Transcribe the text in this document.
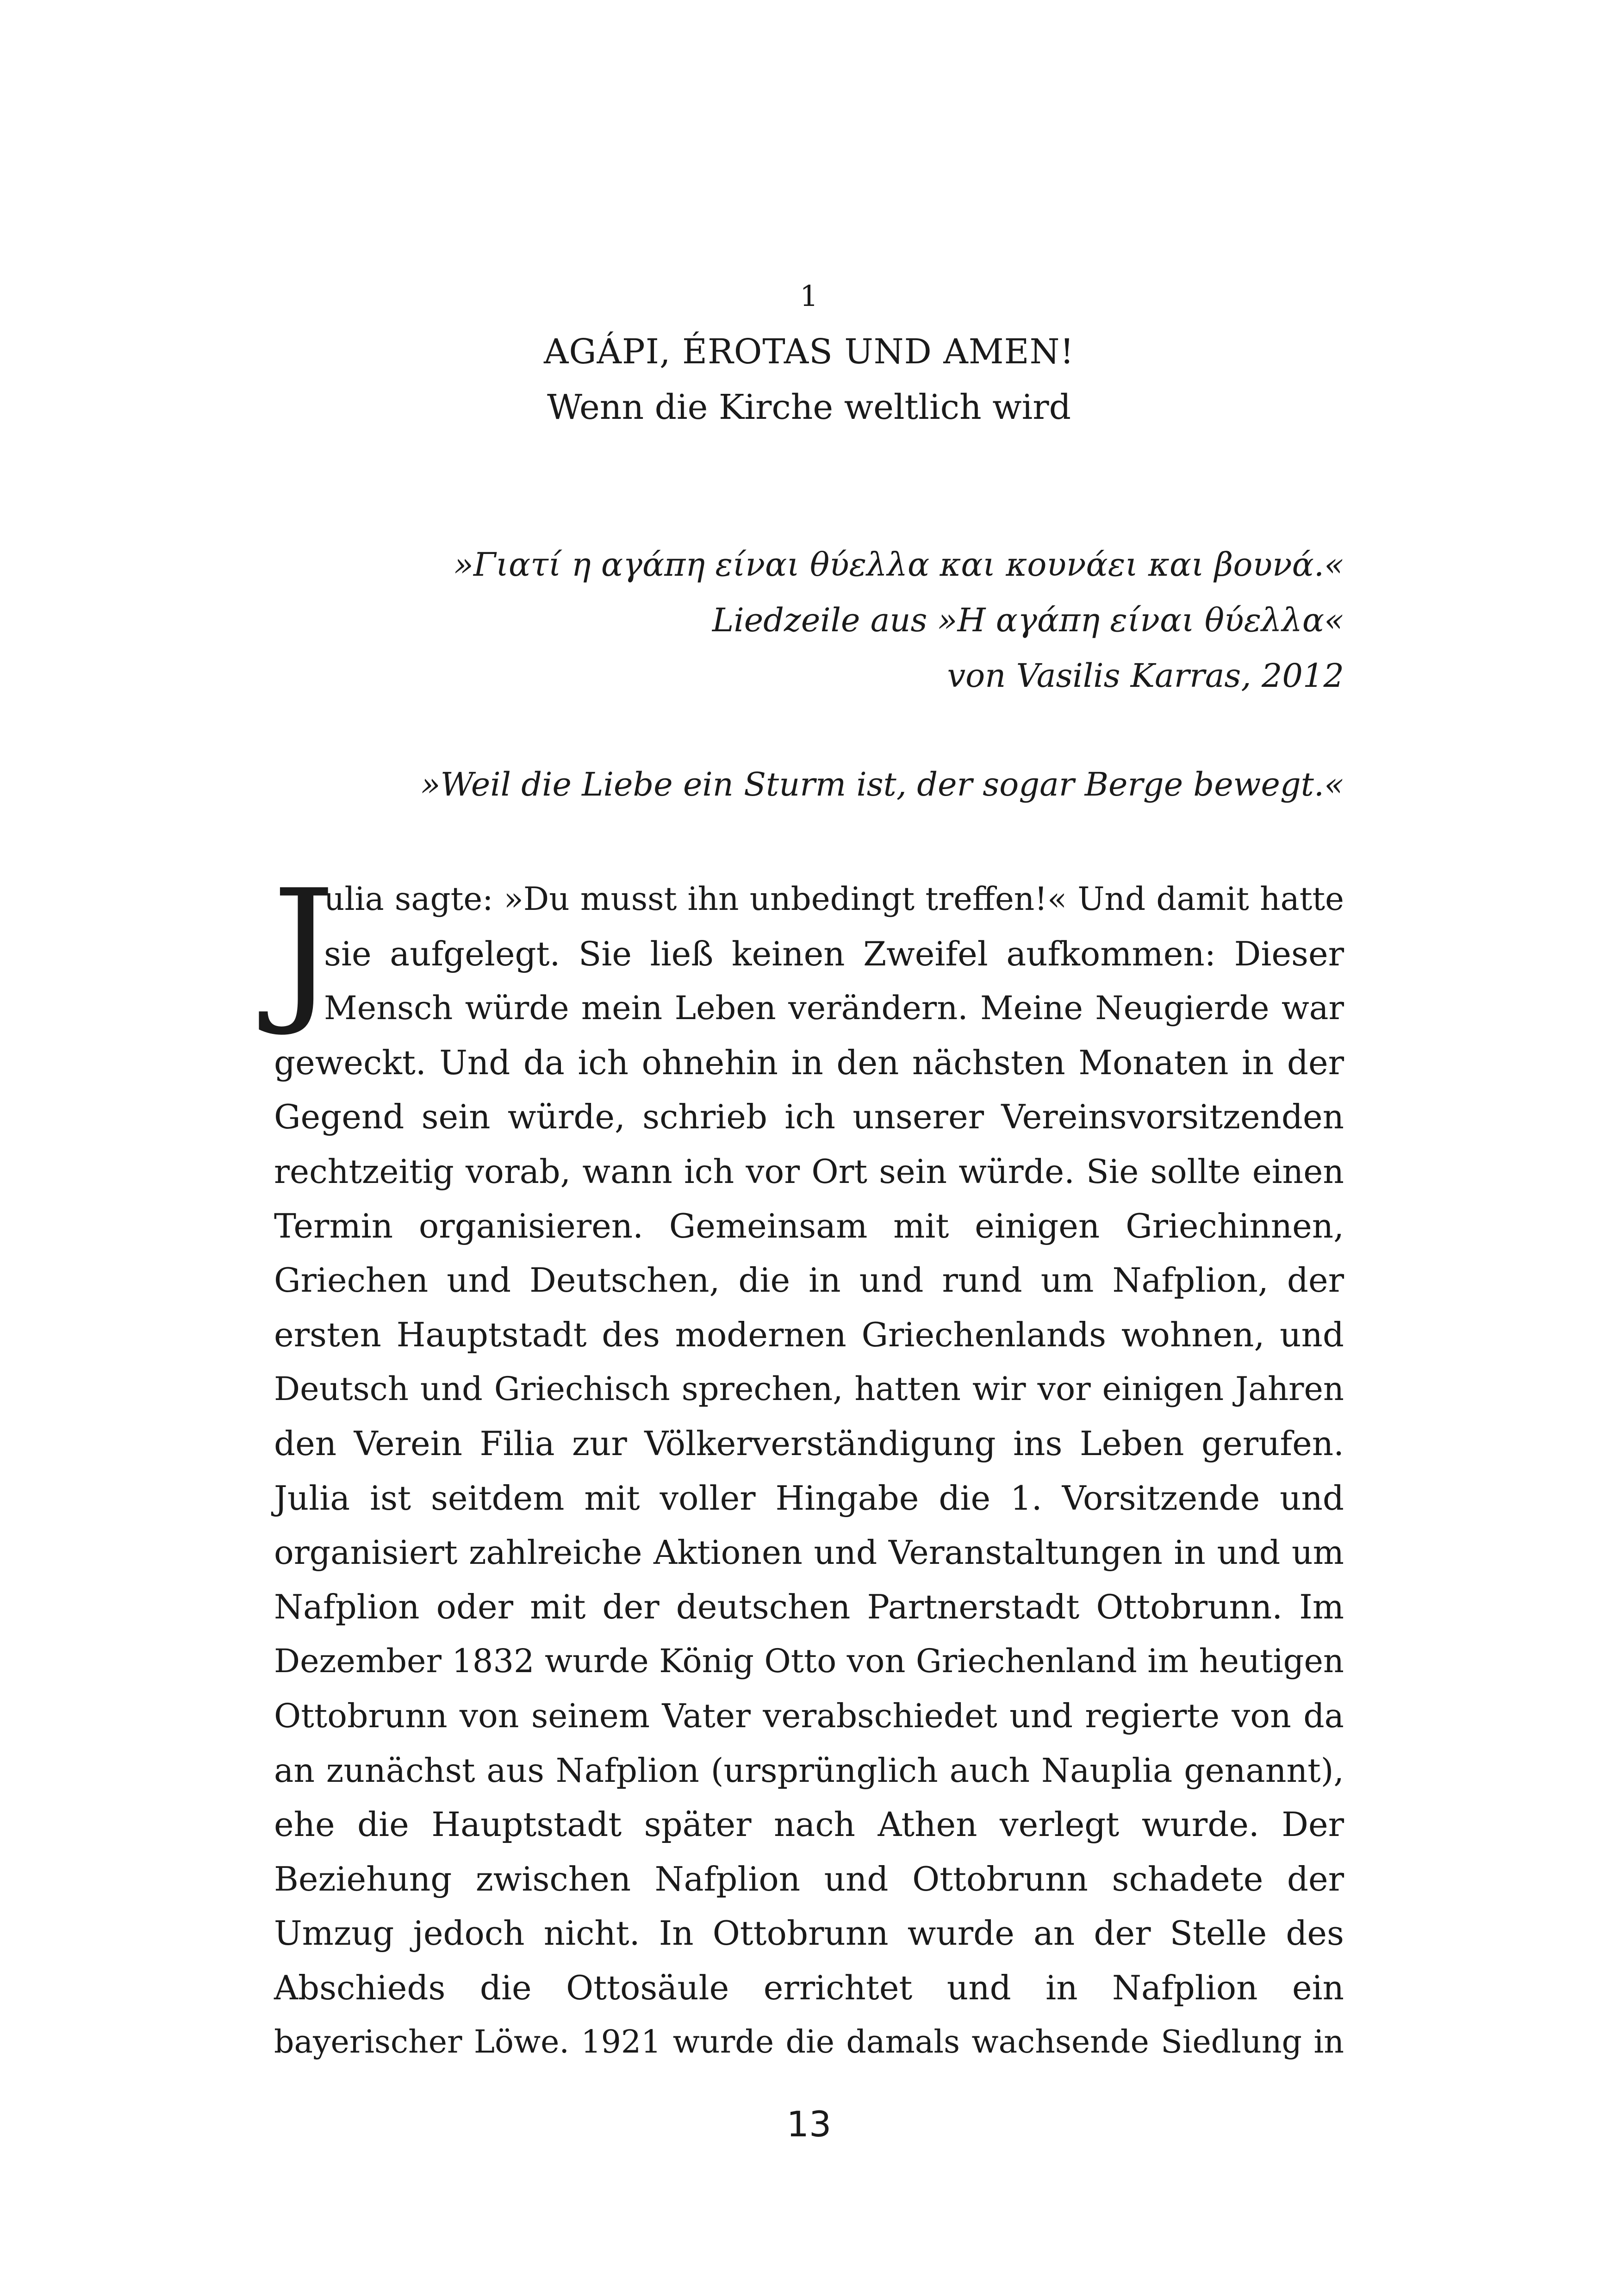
1
AGÁPI, ÉROTAS UND AMEN!
Wenn die Kirche weltlich wird
»Γιατί η αγάπη είναι θύελλα και κουνάει και βουνά.«
Liedzeile aus »Η αγάπη είναι θύελλα«
von Vasilis Karras, 2012
»Weil die Liebe ein Sturm ist, der sogar Berge bewegt.«
J
ulia sagte: »Du musst ihn unbedingt treffen!« Und damit hatte
sie aufgelegt. Sie ließ keinen Zweifel aufkommen: Dieser
Mensch würde mein Leben verändern. Meine Neugierde war
geweckt. Und da ich ohnehin in den nächsten Monaten in der
Gegend sein würde, schrieb ich unserer Vereinsvorsitzenden
rechtzeitig vorab, wann ich vor Ort sein würde. Sie sollte einen
Termin organisieren. Gemeinsam mit einigen Griechinnen,
Griechen und Deutschen, die in und rund um Nafplion, der
ersten Hauptstadt des modernen Griechenlands wohnen, und
Deutsch und Griechisch sprechen, hatten wir vor einigen Jahren
den Verein Filia zur Völkerverständigung ins Leben gerufen.
Julia ist seitdem mit voller Hingabe die 1. Vorsitzende und
organisiert zahlreiche Aktionen und Veranstaltungen in und um
Nafplion oder mit der deutschen Partnerstadt Ottobrunn. Im
Dezember 1832 wurde König Otto von Griechenland im heutigen
Ottobrunn von seinem Vater verabschiedet und regierte von da
an zunächst aus Nafplion (ursprünglich auch Nauplia genannt),
ehe die Hauptstadt später nach Athen verlegt wurde. Der
Beziehung zwischen Nafplion und Ottobrunn schadete der
Umzug jedoch nicht. In Ottobrunn wurde an der Stelle des
Abschieds die Ottosäule errichtet und in Nafplion ein
bayerischer Löwe. 1921 wurde die damals wachsende Siedlung in
13
